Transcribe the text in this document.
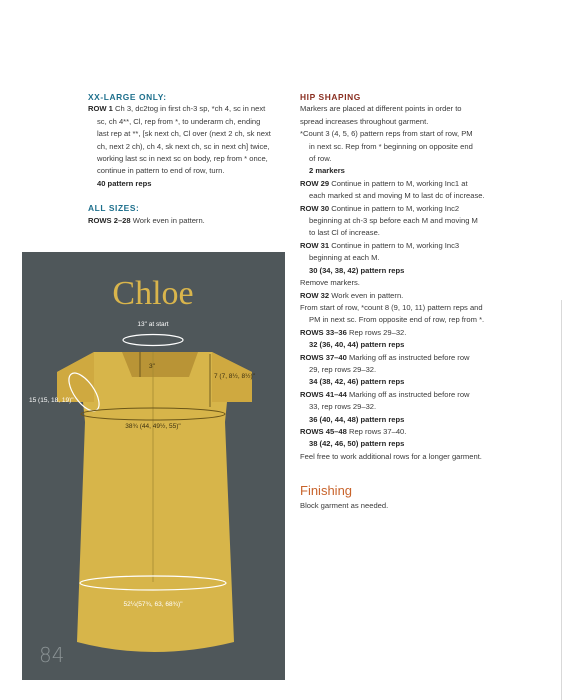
XX-LARGE ONLY:
ROW 1 Ch 3, dc2tog in first ch-3 sp, *ch 4, sc in next
sc, ch 4**, Cl, rep from *, to underarm ch, ending
last rep at **, [sk next ch, Cl over (next 2 ch, sk next
ch, next 2 ch), ch 4, sk next ch, sc in next ch] twice,
working last sc in next sc on body, rep from * once,
continue in pattern to end of row, turn.
40 pattern reps
ALL SIZES:
ROWS 2–28 Work even in pattern.
HIP SHAPING
Markers are placed at different points in order to
spread increases throughout garment.
*Count 3 (4, 5, 6) pattern reps from start of row, PM
in next sc. Rep from * beginning on opposite end
of row.
2 markers
ROW 29 Continue in pattern to M, working Inc1 at
each marked st and moving M to last dc of increase.
ROW 30 Continue in pattern to M, working Inc2
beginning at ch-3 sp before each M and moving M
to last Cl of increase.
ROW 31 Continue in pattern to M, working Inc3
beginning at each M.
30 (34, 38, 42) pattern reps
Remove markers.
ROW 32 Work even in pattern.
From start of row, *count 8 (9, 10, 11) pattern reps and
PM in next sc. From opposite end of row, rep from *.
ROWS 33–36 Rep rows 29–32.
32 (36, 40, 44) pattern reps
ROWS 37–40 Marking off as instructed before row
29, rep rows 29–32.
34 (38, 42, 46) pattern reps
ROWS 41–44 Marking off as instructed before row
33, rep rows 29–32.
36 (40, 44, 48) pattern reps
ROWS 45–48 Rep rows 37–40.
38 (42, 46, 50) pattern reps
Feel free to work additional rows for a longer garment.
Finishing
Block garment as needed.
Chloe
13" at start
3"
7 (7, 8½, 8½)"
15 (15, 18, 19)"
38¾ (44, 49½, 55)"
52¼(57¾, 63, 68¾)"
84
